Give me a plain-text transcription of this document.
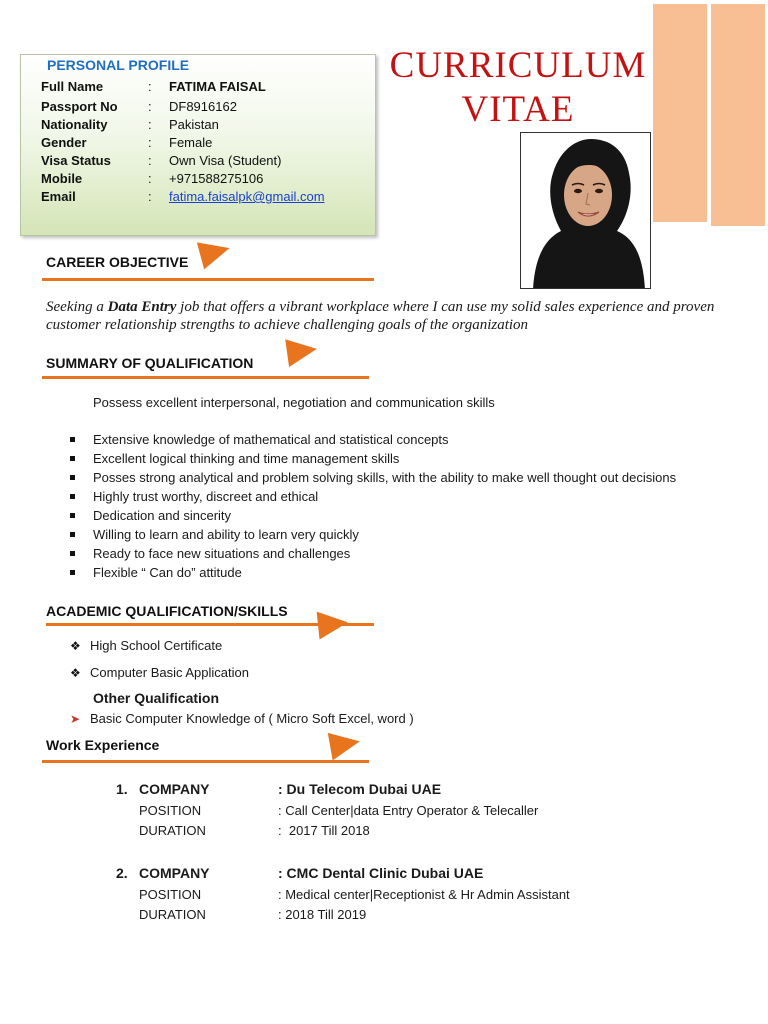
PERSONAL PROFILE
Full Name	: FATIMA FAISAL
Passport No : DF8916162
Nationality	: Pakistan
Gender	: Female
Visa Status	: Own Visa (Student)
Mobile	: +971588275106
Email	: fatima.faisalpk@gmail.com
CURRICULUM
VITAE
CAREER OBJECTIVE
Seeking a Data Entry job that offers a vibrant workplace where I can use my solid sales experience and proven customer relationship strengths to achieve challenging goals of the organization
SUMMARY OF QUALIFICATION
Possess excellent interpersonal, negotiation and communication skills
Extensive knowledge of mathematical and statistical concepts
Excellent logical thinking and time management skills
Posses strong analytical and problem solving skills, with the ability to make well thought out decisions
Highly trust worthy, discreet and ethical
Dedication and sincerity
Willing to learn and ability to learn very quickly
Ready to face new situations and challenges
Flexible “ Can do” attitude
ACADEMIC QUALIFICATION/SKILLS
❖ High School Certificate
❖ Computer Basic Application
Other Qualification
➤ Basic Computer Knowledge of ( Micro Soft Excel, word )
Work Experience
1. COMPANY	: Du Telecom Dubai UAE
POSITION	: Call Center|data Entry Operator & Telecaller
DURATION	:  2017 Till 2018
2. COMPANY	: CMC Dental Clinic Dubai UAE
POSITION	: Medical center|Receptionist & Hr Admin Assistant
DURATION	: 2018 Till 2019
